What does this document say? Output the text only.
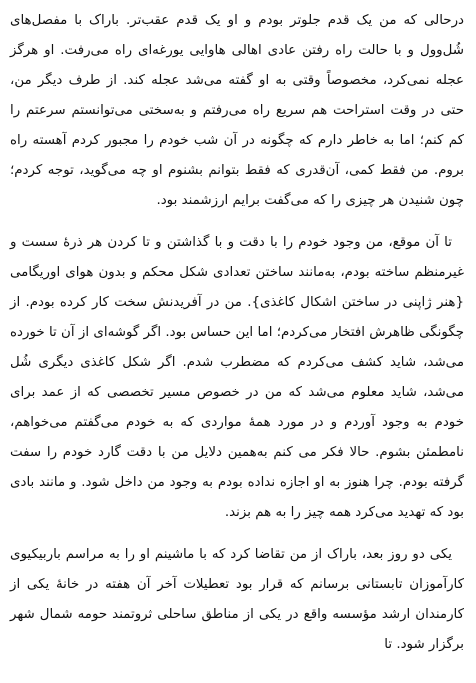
درحالی که من یک قدم جلوتر بودم و او یک قدم عقب‌تر. باراک با مفصل‌های شُل‌وول و با حالت راه رفتن عادی اهالی هاوایی یورغه‌ای راه می‌رفت. او هرگز عجله نمی‌کرد، مخصوصاً وقتی به او گفته می‌شد عجله کند. از طرف دیگر من، حتی در وقت استراحت هم سریع راه می‌رفتم و به‌سختی می‌توانستم سرعتم را کم کنم؛ اما به خاطر دارم که چگونه در آن شب خودم را مجبور کردم آهسته راه بروم. من فقط کمی، آن‌قدری که فقط بتوانم بشنوم او چه می‌گوید، توجه کردم؛ چون شنیدن هر چیزی را که می‌گفت برایم ارزشمند بود.

تا آن موقع، من وجود خودم را با دقت و با گذاشتن و تا کردن هر ذرهٔ سست و غیرمنظم ساخته بودم، به‌مانند ساختن تعدادی شکل محکم و بدون هوای اوریگامی {هنر ژاپنی در ساختن اشکال کاغذی}. من در آفریدنش سخت کار کرده بودم. از چگونگی ظاهرش افتخار می‌کردم؛ اما این حساس بود. اگر گوشه‌ای از آن تا خورده می‌شد، شاید کشف می‌کردم که مضطرب شدم. اگر شکل کاغذی دیگری شُل می‌شد، شاید معلوم می‌شد که من در خصوص مسیر تخصصی که از عمد برای خودم به وجود آوردم و در مورد همهٔ مواردی که به خودم می‌گفتم می‌خواهم، نامطمئن بشوم. حالا فکر می کنم به‌همین دلایل من با دقت گارد خودم را سفت گرفته بودم. چرا هنوز به او اجازه نداده بودم به وجود من داخل شود. و مانند بادی بود که تهدید می‌کرد همه چیز را به هم بزند.

یکی دو روز بعد، باراک از من تقاضا کرد که با ماشینم او را به مراسم باربیکیوی کارآموزان تابستانی برسانم که قرار بود تعطیلات آخر آن هفته در خانهٔ یکی از کارمندان ارشد مؤسسه واقع در یکی از مناطق ساحلی ثروتمند حومه شمال شهر برگزار شود. تا
